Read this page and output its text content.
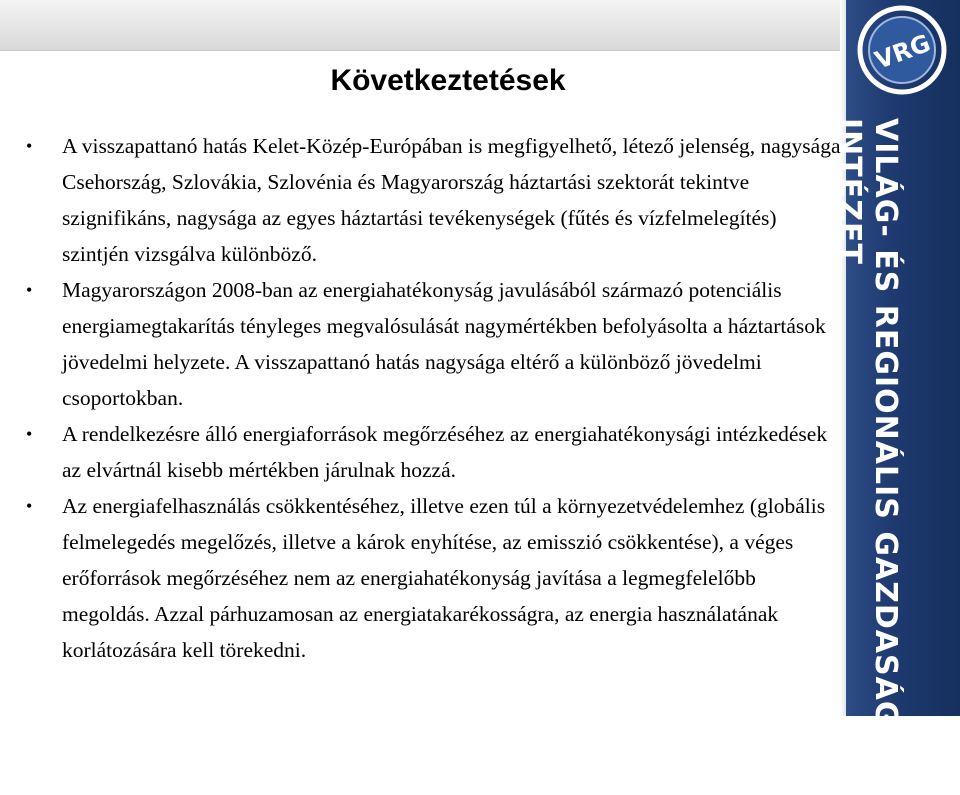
VRG
VILÁG- ÉS REGIONÁLIS GAZDASÁGTAN
INTÉZET
Következtetések
• A visszapattanó hatás Kelet-Közép-Európában is megfigyelhető, létező jelenség, nagysága Csehország, Szlovákia, Szlovénia és Magyarország háztartási szektorát tekintve szignifikáns, nagysága az egyes háztartási tevékenységek (fűtés és vízfelmelegítés) szintjén vizsgálva különböző.
• Magyarországon 2008-ban az energiahatékonyság javulásából származó potenciális energiamegtakarítás tényleges megvalósulását nagymértékben befolyásolta a háztartások jövedelmi helyzete. A visszapattanó hatás nagysága eltérő a különböző jövedelmi csoportokban.
• A rendelkezésre álló energiaforrások megőrzéséhez az energiahatékonysági intézkedések az elvártnál kisebb mértékben járulnak hozzá.
• Az energiafelhasználás csökkentéséhez, illetve ezen túl a környezetvédelemhez (globális felmelegedés megelőzés, illetve a károk enyhítése, az emisszió csökkentése), a véges erőforrások megőrzéséhez nem az energiahatékonyság javítása a legmegfelelőbb megoldás. Azzal párhuzamosan az energiatakarékosságra, az energia használatának korlátozására kell törekedni.
